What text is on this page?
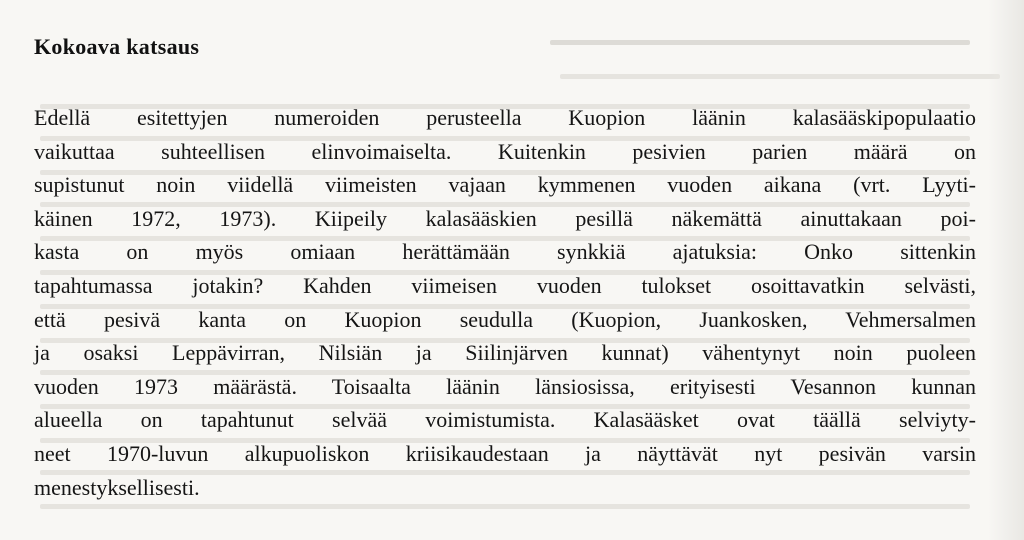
Kokoava katsaus
Edellä esitettyjen numeroiden perusteella Kuopion läänin kalasääskipopulaatio
vaikuttaa suhteellisen elinvoimaiselta. Kuitenkin pesivien parien määrä on
supistunut noin viidellä viimeisten vajaan kymmenen vuoden aikana (vrt. Lyyti-
käinen 1972, 1973). Kiipeily kalasääskien pesillä näkemättä ainuttakaan poi-
kasta on myös omiaan herättämään synkkiä ajatuksia: Onko sittenkin
tapahtumassa jotakin? Kahden viimeisen vuoden tulokset osoittavatkin selvästi,
että pesivä kanta on Kuopion seudulla (Kuopion, Juankosken, Vehmersalmen
ja osaksi Leppävirran, Nilsiän ja Siilinjärven kunnat) vähentynyt noin puoleen
vuoden 1973 määrästä. Toisaalta läänin länsiosissa, erityisesti Vesannon kunnan
alueella on tapahtunut selvää voimistumista. Kalasääsket ovat täällä selviyty-
neet 1970-luvun alkupuoliskon kriisikaudestaan ja näyttävät nyt pesivän varsin
menestyksellisesti.
